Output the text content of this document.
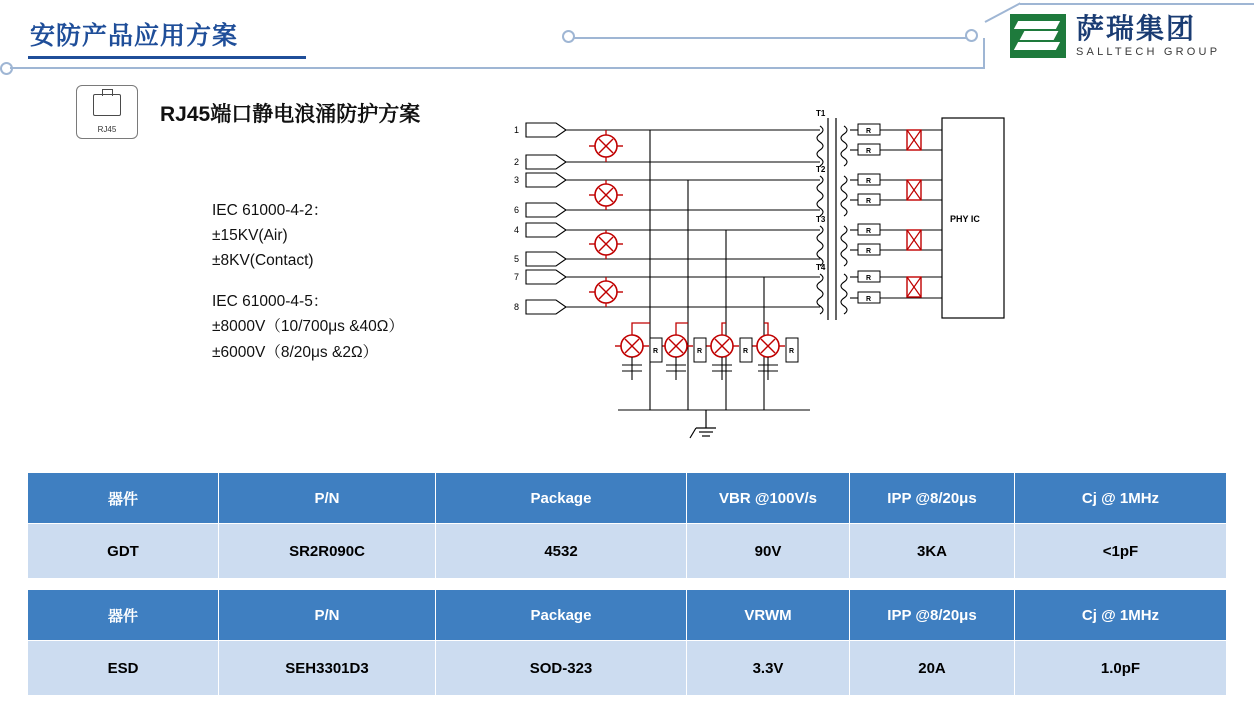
安防产品应用方案	萨瑞集团
SALLTECH GROUP
RJ45
RJ45端口静电浪涌防护方案
IEC 61000-4-2：
±15KV(Air)
±8KV(Contact)
IEC 61000-4-5：
±8000V（10/700μs &40Ω）
±6000V（8/20μs &2Ω）
1
2
3
6
4
5
7
8
T1
T2
T3
T4
R
R
R
R
R
R
R
R
PHY IC
R	R	R	R
器件	P/N	Package	VBR @100V/s	IPP @8/20μs	Cj @ 1MHz
GDT	SR2R090C	4532	90V	3KA	<1pF
器件	P/N	Package	VRWM	IPP @8/20μs	Cj @ 1MHz
ESD	SEH3301D3	SOD-323	3.3V	20A	1.0pF
